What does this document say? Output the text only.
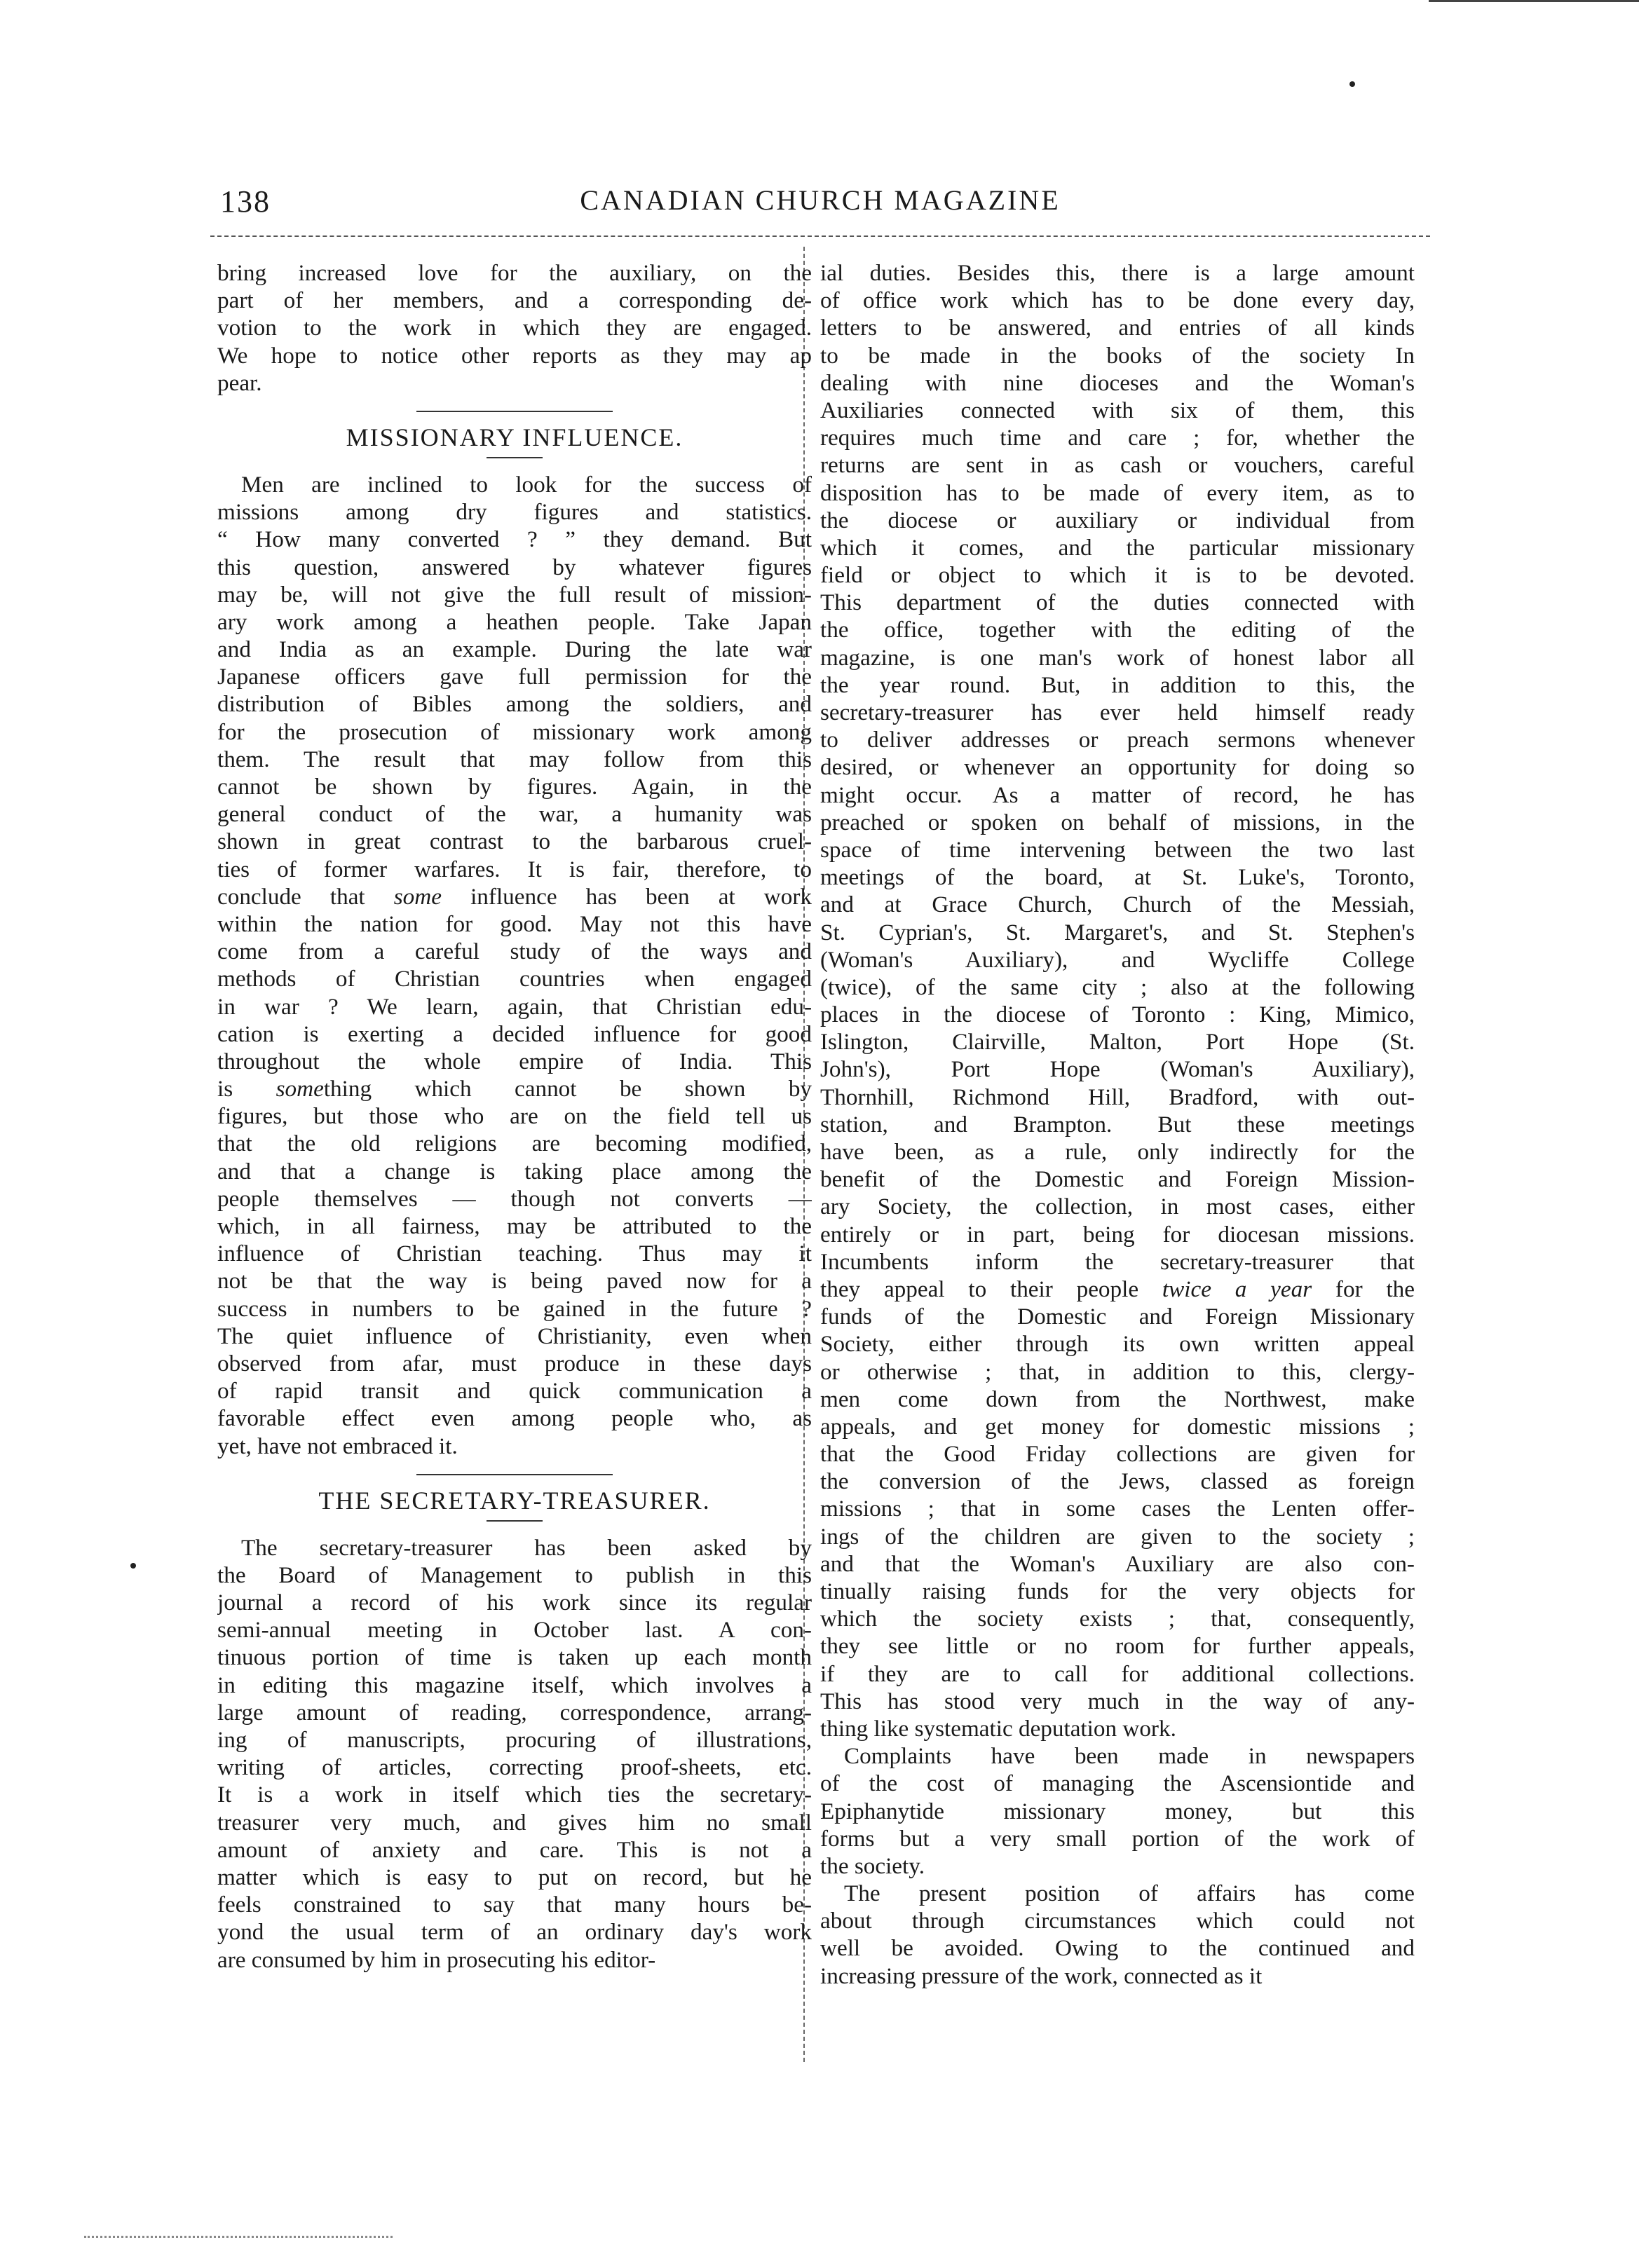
138	CANADIAN CHURCH MAGAZINE
bring increased love for the auxiliary, on the
part of her members, and a corresponding de-
votion to the work in which they are engaged.
We hope to notice other reports as they may ap
pear.
MISSIONARY INFLUENCE.
Men are inclined to look for the success of
missions among dry figures and statistics.
“ How many converted ? ” they demand. But
this question, answered by whatever figures
may be, will not give the full result of mission-
ary work among a heathen people. Take Japan
and India as an example. During the late war
Japanese officers gave full permission for the
distribution of Bibles among the soldiers, and
for the prosecution of missionary work among
them. The result that may follow from this
cannot be shown by figures. Again, in the
general conduct of the war, a humanity was
shown in great contrast to the barbarous cruel-
ties of former warfares. It is fair, therefore, to
conclude that some influence has been at work
within the nation for good. May not this have
come from a careful study of the ways and
methods of Christian countries when engaged
in war ? We learn, again, that Christian edu-
cation is exerting a decided influence for good
throughout the whole empire of India. This
is something which cannot be shown by
figures, but those who are on the field tell us
that the old religions are becoming modified,
and that a change is taking place among the
people themselves — though not converts —
which, in all fairness, may be attributed to the
influence of Christian teaching. Thus may it
not be that the way is being paved now for a
success in numbers to be gained in the future ?
The quiet influence of Christianity, even when
observed from afar, must produce in these days
of rapid transit and quick communication a
favorable effect even among people who, as
yet, have not embraced it.
THE SECRETARY-TREASURER.
The secretary-treasurer has been asked by
the Board of Management to publish in this
journal a record of his work since its regular
semi-annual meeting in October last. A con-
tinuous portion of time is taken up each month
in editing this magazine itself, which involves a
large amount of reading, correspondence, arrang-
ing of manuscripts, procuring of illustrations,
writing of articles, correcting proof-sheets, etc.
It is a work in itself which ties the secretary-
treasurer very much, and gives him no small
amount of anxiety and care. This is not a
matter which is easy to put on record, but he
feels constrained to say that many hours be-
yond the usual term of an ordinary day's work
are consumed by him in prosecuting his editor-
ial duties. Besides this, there is a large amount
of office work which has to be done every day,
letters to be answered, and entries of all kinds
to be made in the books of the society In
dealing with nine dioceses and the Woman's
Auxiliaries connected with six of them, this
requires much time and care ; for, whether the
returns are sent in as cash or vouchers, careful
disposition has to be made of every item, as to
the diocese or auxiliary or individual from
which it comes, and the particular missionary
field or object to which it is to be devoted.
This department of the duties connected with
the office, together with the editing of the
magazine, is one man's work of honest labor all
the year round. But, in addition to this, the
secretary-treasurer has ever held himself ready
to deliver addresses or preach sermons whenever
desired, or whenever an opportunity for doing so
might occur. As a matter of record, he has
preached or spoken on behalf of missions, in the
space of time intervening between the two last
meetings of the board, at St. Luke's, Toronto,
and at Grace Church, Church of the Messiah,
St. Cyprian's, St. Margaret's, and St. Stephen's
(Woman's Auxiliary), and Wycliffe College
(twice), of the same city ; also at the following
places in the diocese of Toronto : King, Mimico,
Islington, Clairville, Malton, Port Hope (St.
John's), Port Hope (Woman's Auxiliary),
Thornhill, Richmond Hill, Bradford, with out-
station, and Brampton. But these meetings
have been, as a rule, only indirectly for the
benefit of the Domestic and Foreign Mission-
ary Society, the collection, in most cases, either
entirely or in part, being for diocesan missions.
Incumbents inform the secretary-treasurer that
they appeal to their people twice a year for the
funds of the Domestic and Foreign Missionary
Society, either through its own written appeal
or otherwise ; that, in addition to this, clergy-
men come down from the Northwest, make
appeals, and get money for domestic missions ;
that the Good Friday collections are given for
the conversion of the Jews, classed as foreign
missions ; that in some cases the Lenten offer-
ings of the children are given to the society ;
and that the Woman's Auxiliary are also con-
tinually raising funds for the very objects for
which the society exists ; that, consequently,
they see little or no room for further appeals,
if they are to call for additional collections.
This has stood very much in the way of any-
thing like systematic deputation work.
Complaints have been made in newspapers
of the cost of managing the Ascensiontide and
Epiphanytide missionary money, but this
forms but a very small portion of the work of
the society.
The present position of affairs has come
about through circumstances which could not
well be avoided. Owing to the continued and
increasing pressure of the work, connected as it
